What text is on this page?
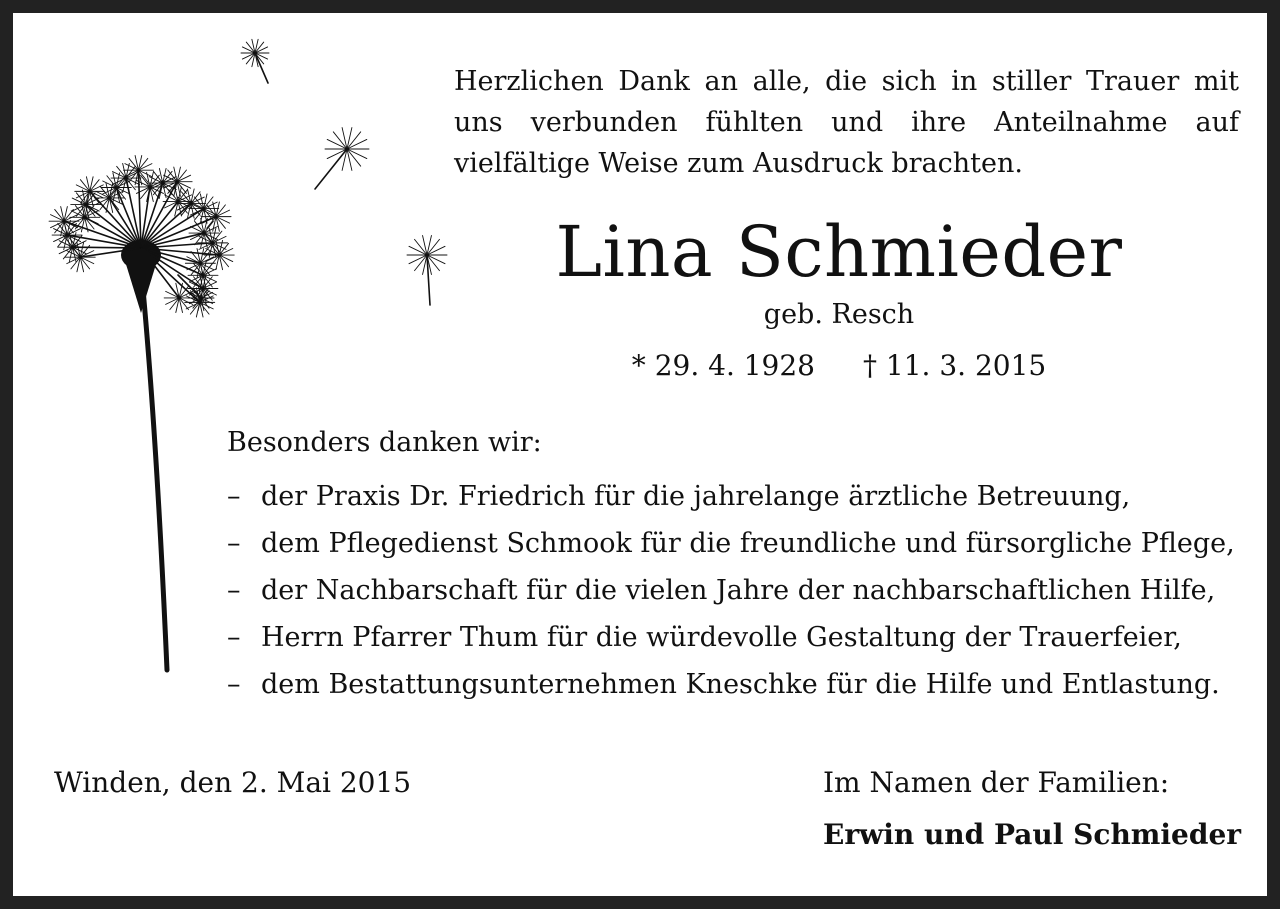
Herzlichen Dank an alle, die sich in stiller Trauer mit uns verbunden fühlten und ihre Anteilnahme auf vielfältige Weise zum Ausdruck brachten.

Lina Schmieder
geb. Resch
* 29. 4. 1928 † 11. 3. 2015
Besonders danken wir:
– der Praxis Dr. Friedrich für die jahrelange ärztliche Betreuung,
– dem Pflegedienst Schmook für die freundliche und fürsorgliche Pflege,
– der Nachbarschaft für die vielen Jahre der nachbarschaftlichen Hilfe,
– Herrn Pfarrer Thum für die würdevolle Gestaltung der Trauerfeier,
– dem Bestattungsunternehmen Kneschke für die Hilfe und Entlastung.
Winden, den 2. Mai 2015	Im Namen der Familien:
Erwin und Paul Schmieder
